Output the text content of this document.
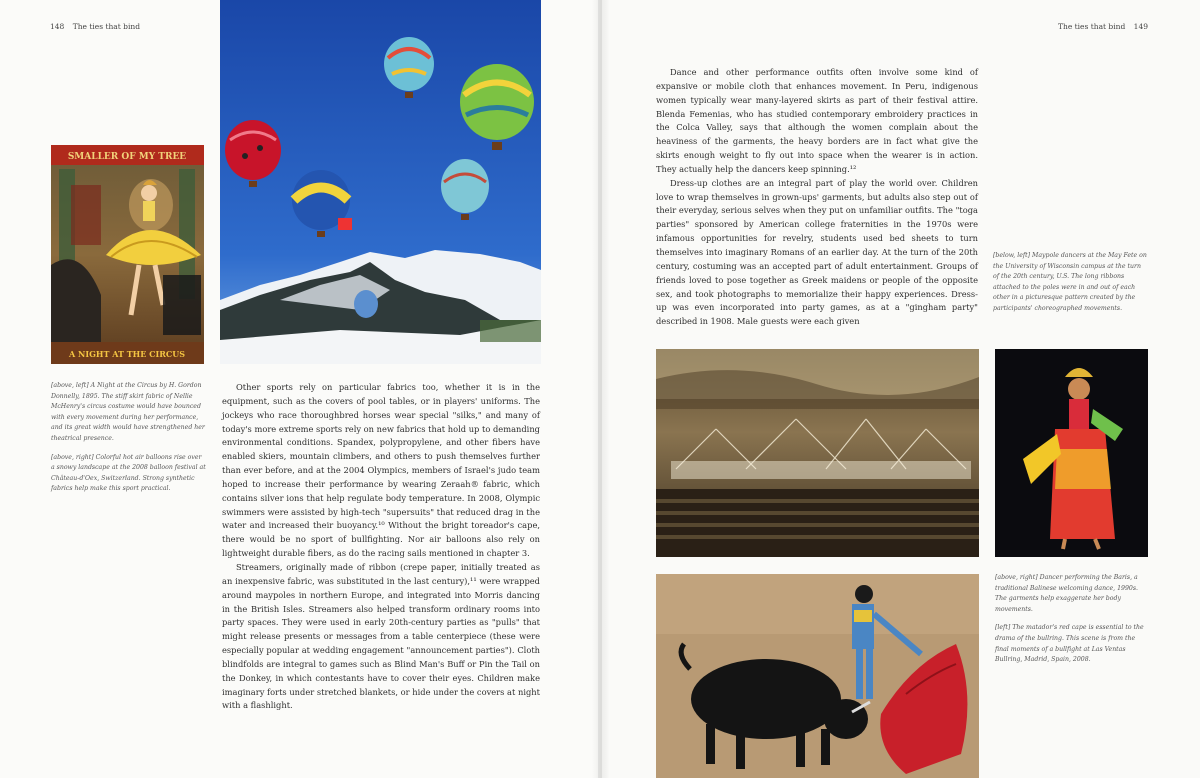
148 The ties that bind
SMALLER OF MY TREE
A NIGHT AT THE CIRCUS

[above, left] A Night at the Circus by H. Gordon Donnelly, 1895. The stiff skirt fabric of Nellie McHenry's circus costume would have bounced with every movement during her performance, and its great width would have strengthened her theatrical presence.

[above, right] Colorful hot air balloons rise over a snowy landscape at the 2008 balloon festival at Château-d'Oex, Switzerland. Strong synthetic fabrics help make this sport practical.

Other sports rely on particular fabrics too, whether it is in the equipment, such as the covers of pool tables, or in players' uniforms. The jockeys who race thoroughbred horses wear special "silks," and many of today's more extreme sports rely on new fabrics that hold up to demanding environmental conditions. Spandex, polypropylene, and other fibers have enabled skiers, mountain climbers, and others to push themselves further than ever before, and at the 2004 Olympics, members of Israel's judo team hoped to increase their performance by wearing Zeraah® fabric, which contains silver ions that help regulate body temperature. In 2008, Olympic swimmers were assisted by high-tech "supersuits" that reduced drag in the water and increased their buoyancy.¹⁰ Without the bright toreador's cape, there would be no sport of bullfighting. Nor air balloons also rely on lightweight durable fibers, as do the racing sails mentioned in chapter 3.

Streamers, originally made of ribbon (crepe paper, initially treated as an inexpensive fabric, was substituted in the last century),¹¹ were wrapped around maypoles in northern Europe, and integrated into Morris dancing in the British Isles. Streamers also helped transform ordinary rooms into party spaces. They were used in early 20th-century parties as "pulls" that might release presents or messages from a table centerpiece (these were especially popular at wedding engagement "announcement parties"). Cloth blindfolds are integral to games such as Blind Man's Buff or Pin the Tail on the Donkey, in which contestants have to cover their eyes. Children make imaginary forts under stretched blankets, or hide under the covers at night with a flashlight.

The ties that bind 149

Dance and other performance outfits often involve some kind of expansive or mobile cloth that enhances movement. In Peru, indigenous women typically wear many-layered skirts as part of their festival attire. Blenda Femenias, who has studied contemporary embroidery practices in the Colca Valley, says that although the women complain about the heaviness of the garments, the heavy borders are in fact what give the skirts enough weight to fly out into space when the wearer is in action. They actually help the dancers keep spinning.¹²

Dress-up clothes are an integral part of play the world over. Children love to wrap themselves in grown-ups' garments, but adults also step out of their everyday, serious selves when they put on unfamiliar outfits. The "toga parties" sponsored by American college fraternities in the 1970s were infamous opportunities for revelry, students used bed sheets to turn themselves into imaginary Romans of an earlier day. At the turn of the 20th century, costuming was an accepted part of adult entertainment. Groups of friends loved to pose together as Greek maidens or people of the opposite sex, and took photographs to memorialize their happy experiences. Dress-up was even incorporated into party games, as at a "gingham party" described in 1908. Male guests were each given

[below, left] Maypole dancers at the May Fete on the University of Wisconsin campus at the turn of the 20th century, U.S. The long ribbons attached to the poles were in and out of each other in a picturesque pattern created by the participants' choreographed movements.

[above, right] Dancer performing the Baris, a traditional Balinese welcoming dance, 1990s. The garments help exaggerate her body movements.

[left] The matador's red cape is essential to the drama of the bullring. This scene is from the final moments of a bullfight at Las Ventas Bullring, Madrid, Spain, 2008.
